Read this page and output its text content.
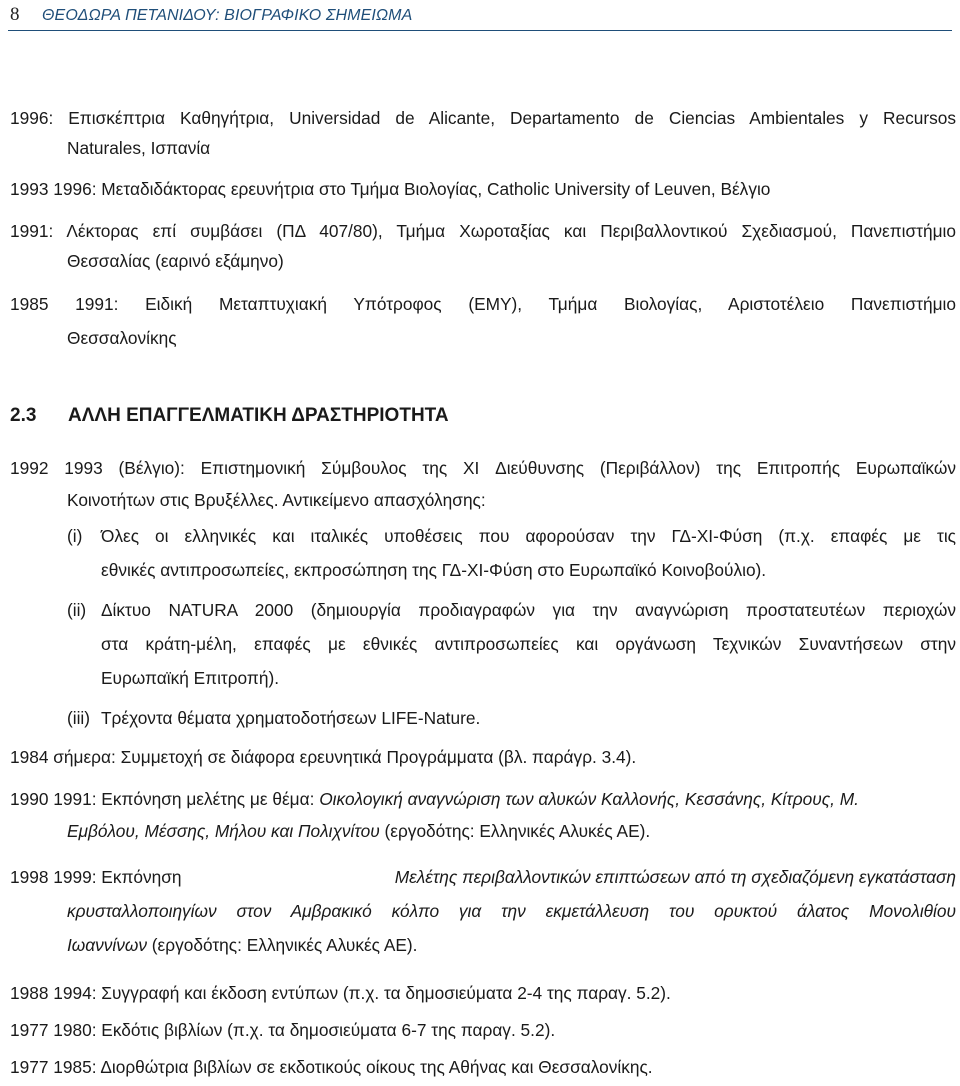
8 ΘΕΟΔΩΡΑ ΠΕΤΑΝΙΔΟΥ: ΒΙΟΓΡΑΦΙΚΟ ΣΗΜΕΙΩΜΑ
1996: Επισκέπτρια Καθηγήτρια, Universidad de Alicante, Departamento de Ciencias Ambientales y Recursos
Naturales, Ισπανία
1993 1996: Μεταδιδάκτορας ερευνήτρια στο Τμήμα Βιολογίας, Catholic University of Leuven, Βέλγιο
1991: Λέκτορας επί συμβάσει (ΠΔ 407/80), Τμήμα Χωροταξίας και Περιβαλλοντικού Σχεδιασμού, Πανεπιστήμιο
Θεσσαλίας (εαρινό εξάμηνο)
1985 1991: Ειδική Μεταπτυχιακή Υπότροφος (ΕΜΥ), Τμήμα Βιολογίας, Αριστοτέλειο Πανεπιστήμιο
Θεσσαλονίκης
2.3 ΑΛΛΗ ΕΠΑΓΓΕΛΜΑΤΙΚΗ ΔΡΑΣΤΗΡΙΟΤΗΤΑ
1992 1993 (Βέλγιο): Επιστημονική Σύμβουλος της XI Διεύθυνσης (Περιβάλλον) της Επιτροπής Ευρωπαϊκών
Κοινοτήτων στις Βρυξέλλες. Αντικείμενο απασχόλησης:
(i) Όλες οι ελληνικές και ιταλικές υποθέσεις που αφορούσαν την ΓΔ-XI-Φύση (π.χ. επαφές με τις
εθνικές αντιπροσωπείες, εκπροσώπηση της ΓΔ-XI-Φύση στο Ευρωπαϊκό Κοινοβούλιο).
(ii) Δίκτυο NATURA 2000 (δημιουργία προδιαγραφών για την αναγνώριση προστατευτέων περιοχών
στα κράτη-μέλη, επαφές με εθνικές αντιπροσωπείες και οργάνωση Τεχνικών Συναντήσεων στην
Ευρωπαϊκή Επιτροπή).
(iii) Τρέχοντα θέματα χρηματοδοτήσεων LIFE-Nature.
1984 σήμερα: Συμμετοχή σε διάφορα ερευνητικά Προγράμματα (βλ. παράγρ. 3.4).
1990 1991: Εκπόνηση μελέτης με θέμα: Οικολογική αναγνώριση των αλυκών Καλλονής, Κεσσάνης, Κίτρους, Μ.
Εμβόλου, Μέσσης, Μήλου και Πολιχνίτου (εργοδότης: Ελληνικές Αλυκές ΑΕ).
1998 1999: Εκπόνηση	Μελέτης περιβαλλοντικών επιπτώσεων από τη σχεδιαζόμενη εγκατάσταση
κρυσταλλοποιηγίων στον Αμβρακικό κόλπο για την εκμετάλλευση του ορυκτού άλατος Μονολιθίου
Ιωαννίνων (εργοδότης: Ελληνικές Αλυκές ΑΕ).
1988 1994: Συγγραφή και έκδοση εντύπων (π.χ. τα δημοσιεύματα 2-4 της παραγ. 5.2).
1977 1980: Εκδότις βιβλίων (π.χ. τα δημοσιεύματα 6-7 της παραγ. 5.2).
1977 1985: Διορθώτρια βιβλίων σε εκδοτικούς οίκους της Αθήνας και Θεσσαλονίκης.
